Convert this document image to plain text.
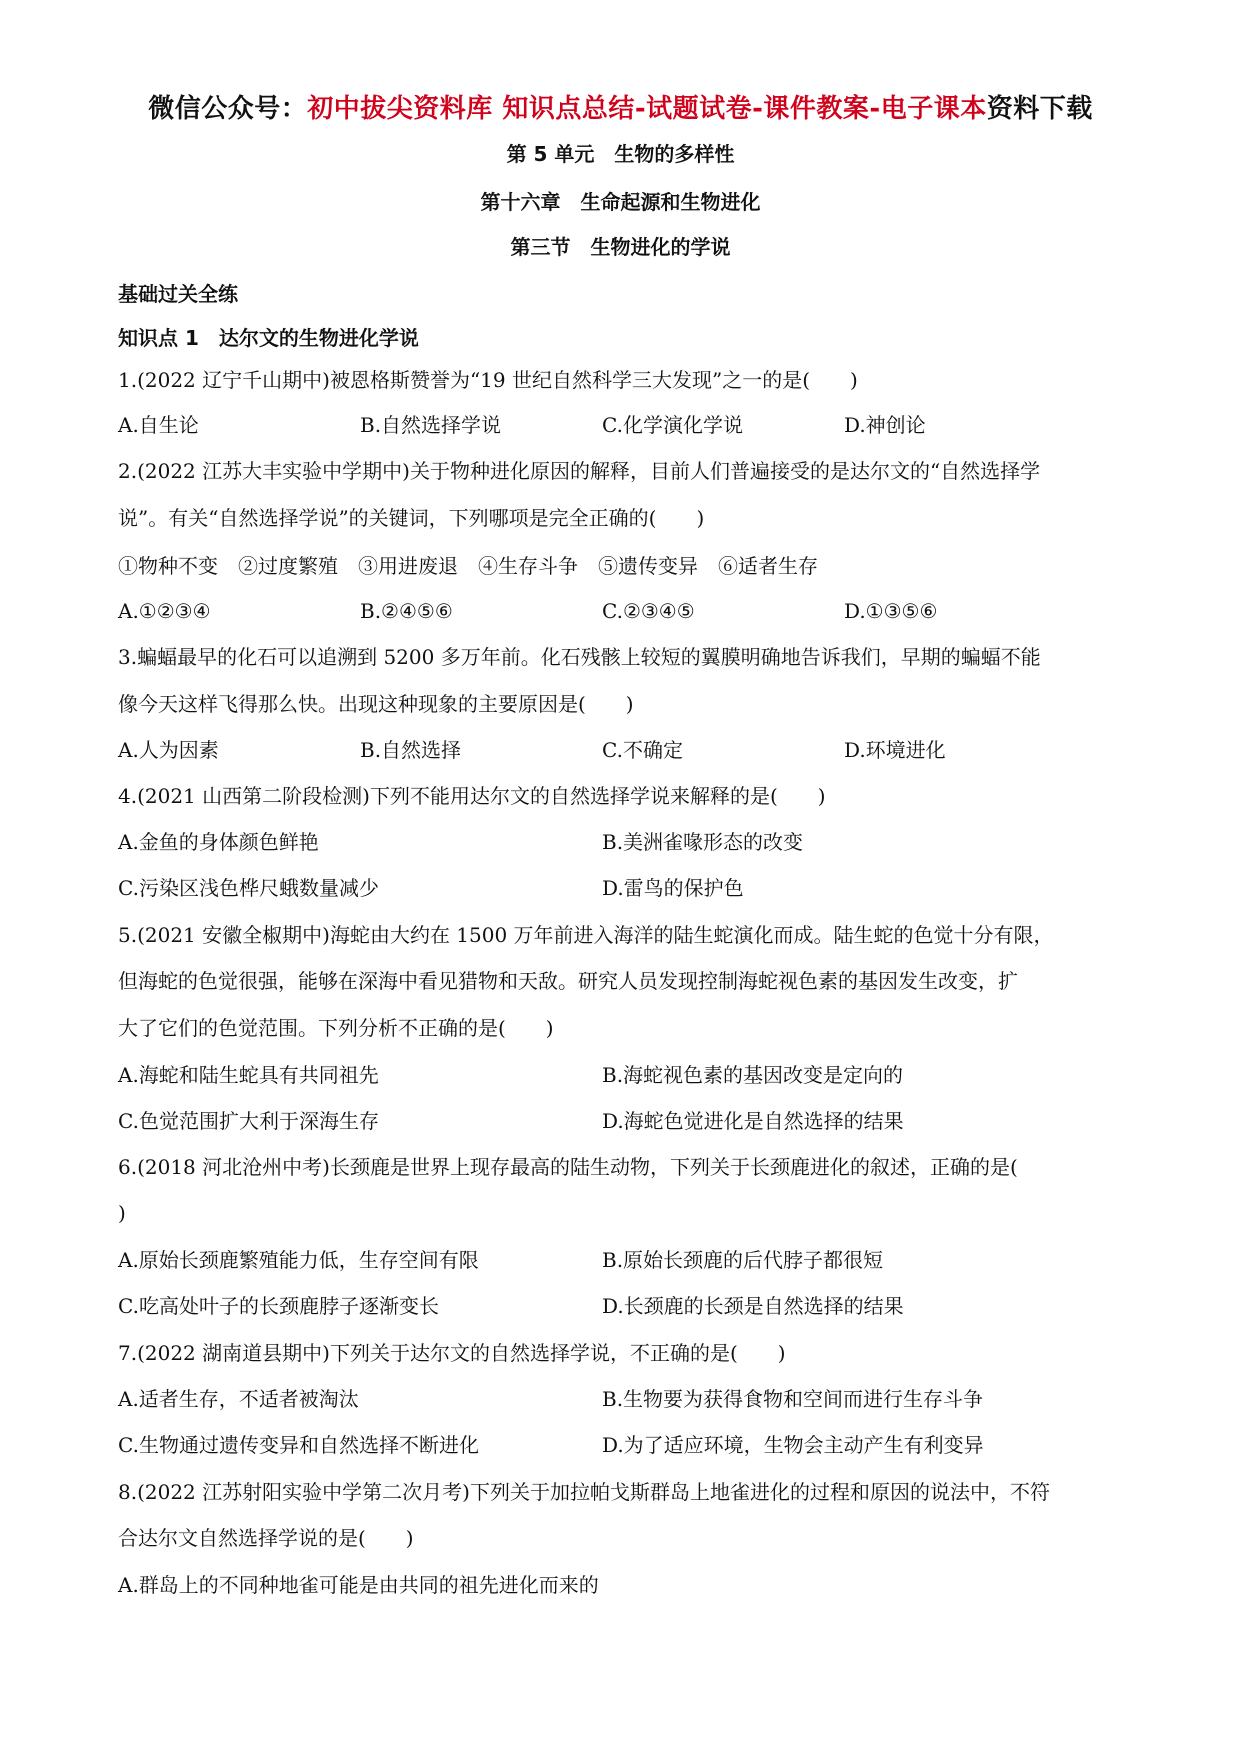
微信公众号：初中拔尖资料库 知识点总结-试题试卷-课件教案-电子课本资料下载
第 5 单元　生物的多样性
第十六章　生命起源和生物进化
第三节　生物进化的学说
基础过关全练
知识点 1　达尔文的生物进化学说
1.(2022 辽宁千山期中)被恩格斯赞誉为“19 世纪自然科学三大发现”之一的是(　　)
A.自生论	B.自然选择学说	C.化学演化学说	D.神创论
2.(2022 江苏大丰实验中学期中)关于物种进化原因的解释，目前人们普遍接受的是达尔文的“自然选择学
说”。有关“自然选择学说”的关键词，下列哪项是完全正确的(　　)
①物种不变　②过度繁殖　③用进废退　④生存斗争　⑤遗传变异　⑥适者生存
A.①②③④	B.②④⑤⑥	C.②③④⑤	D.①③⑤⑥
3.蝙蝠最早的化石可以追溯到 5200 多万年前。化石残骸上较短的翼膜明确地告诉我们，早期的蝙蝠不能
像今天这样飞得那么快。出现这种现象的主要原因是(　　)
A.人为因素	B.自然选择	C.不确定	D.环境进化
4.(2021 山西第二阶段检测)下列不能用达尔文的自然选择学说来解释的是(　　)
A.金鱼的身体颜色鲜艳	B.美洲雀喙形态的改变
C.污染区浅色桦尺蛾数量减少	D.雷鸟的保护色
5.(2021 安徽全椒期中)海蛇由大约在 1500 万年前进入海洋的陆生蛇演化而成。陆生蛇的色觉十分有限，
但海蛇的色觉很强，能够在深海中看见猎物和天敌。研究人员发现控制海蛇视色素的基因发生改变，扩
大了它们的色觉范围。下列分析不正确的是(　　)
A.海蛇和陆生蛇具有共同祖先	B.海蛇视色素的基因改变是定向的
C.色觉范围扩大利于深海生存	D.海蛇色觉进化是自然选择的结果
6.(2018 河北沧州中考)长颈鹿是世界上现存最高的陆生动物，下列关于长颈鹿进化的叙述，正确的是(
)
A.原始长颈鹿繁殖能力低，生存空间有限	B.原始长颈鹿的后代脖子都很短
C.吃高处叶子的长颈鹿脖子逐渐变长	D.长颈鹿的长颈是自然选择的结果
7.(2022 湖南道县期中)下列关于达尔文的自然选择学说，不正确的是(　　)
A.适者生存，不适者被淘汰	B.生物要为获得食物和空间而进行生存斗争
C.生物通过遗传变异和自然选择不断进化	D.为了适应环境，生物会主动产生有利变异
8.(2022 江苏射阳实验中学第二次月考)下列关于加拉帕戈斯群岛上地雀进化的过程和原因的说法中，不符
合达尔文自然选择学说的是(　　)
A.群岛上的不同种地雀可能是由共同的祖先进化而来的
